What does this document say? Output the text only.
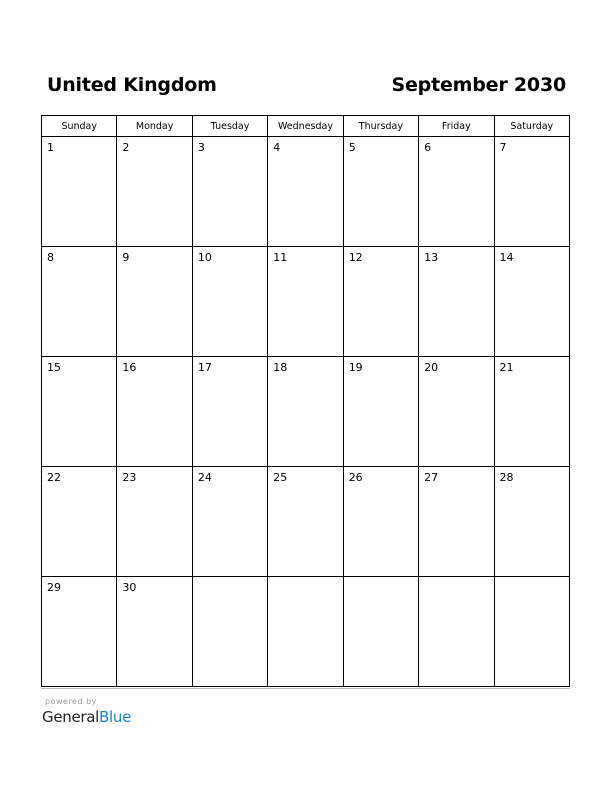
United Kingdom	September 2030
Sunday	Monday	Tuesday	Wednesday	Thursday	Friday	Saturday

1	2	3	4	5	6	7

8	9	10	11	12	13	14

15	16	17	18	19	20	21

22	23	24	25	26	27	28

29	30					

powered by
GeneralBlue
